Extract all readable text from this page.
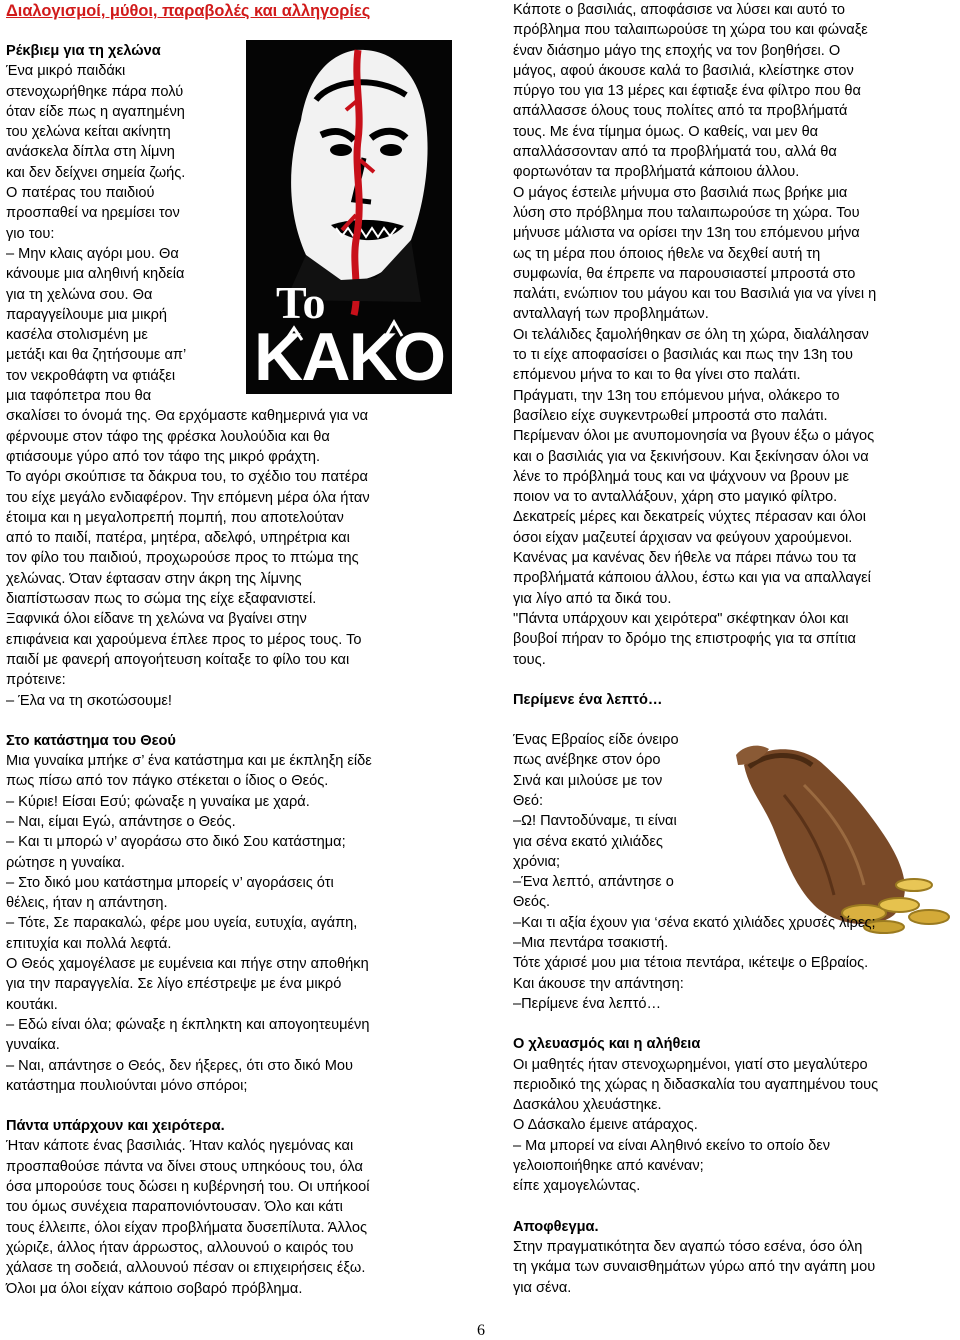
Διαλογισμοί, μύθοι, παραβολές και αλληγορίες
Το
ΚΑΚΟ

Ρέκβιεμ για τη χελώνα

Ένα μικρό παιδάκι

στενοχωρήθηκε πάρα πολύ

όταν είδε πως η αγαπημένη

του χελώνα κείται ακίνητη

ανάσκελα δίπλα στη λίμνη

και δεν δείχνει σημεία ζωής.

Ο πατέρας του παιδιού

προσπαθεί να ηρεμίσει τον

γιο του:

– Μην κλαις αγόρι μου. Θα

κάνουμε μια αληθινή κηδεία

για τη χελώνα σου. Θα

παραγγείλουμε μια μικρή

κασέλα στολισμένη με

μετάξι και θα ζητήσουμε απ’

τον νεκροθάφτη να φτιάξει

μια ταφόπετρα που θα

σκαλίσει το όνομά της. Θα ερχόμαστε καθημερινά για να

φέρνουμε στον τάφο της φρέσκα λουλούδια και θα

φτιάσουμε γύρο από τον τάφο της μικρό φράχτη.

Το αγόρι σκούπισε τα δάκρυα του, το σχέδιο του πατέρα

του είχε μεγάλο ενδιαφέρον. Την επόμενη μέρα όλα ήταν

έτοιμα και η μεγαλοπρεπή πομπή, που αποτελούταν

από το παιδί, πατέρα, μητέρα, αδελφό, υπηρέτρια και

τον φίλο του παιδιού, προχωρούσε προς το πτώμα της

χελώνας. Όταν έφτασαν στην άκρη της λίμνης

διαπίστωσαν πως το σώμα της είχε εξαφανιστεί.

Ξαφνικά όλοι είδανε τη χελώνα να βγαίνει στην

επιφάνεια και χαρούμενα έπλεε προς το μέρος τους. Το

παιδί με φανερή απογοήτευση κοίταξε το φίλο του και

πρότεινε:

– Έλα να τη σκοτώσουμε!

Στο κατάστημα του Θεού

Μια γυναίκα μπήκε σ’ ένα κατάστημα και με έκπληξη είδε

πως πίσω από τον πάγκο στέκεται ο ίδιος ο Θεός.

– Κύριε! Είσαι Εσύ; φώναξε η γυναίκα με χαρά.

– Ναι, είμαι Εγώ, απάντησε ο Θεός.

– Και τι μπορώ ν’ αγοράσω στο δικό Σου κατάστημα;

ρώτησε η γυναίκα.

– Στο δικό μου κατάστημα μπορείς ν’ αγοράσεις ότι

θέλεις, ήταν η απάντηση.

– Τότε, Σε παρακαλώ, φέρε μου υγεία, ευτυχία, αγάπη,

επιτυχία και πολλά λεφτά.

Ο Θεός χαμογέλασε με ευμένεια και πήγε στην αποθήκη

για την παραγγελία. Σε λίγο επέστρεψε με ένα μικρό

κουτάκι.

– Εδώ είναι όλα; φώναξε η έκπληκτη και απογοητευμένη

γυναίκα.

– Ναι, απάντησε ο Θεός, δεν ήξερες, ότι στο δικό Μου

κατάστημα πουλιούνται μόνο σπόροι;

Πάντα υπάρχουν και χειρότερα.

Ήταν κάποτε ένας βασιλιάς. Ήταν καλός ηγεμόνας και

προσπαθούσε πάντα να δίνει στους υπηκόους του, όλα

όσα μπορούσε τους δώσει η κυβέρνησή του. Οι υπήκοοί

του όμως συνέχεια παραπονιόντουσαν. Όλο και κάτι

τους έλλειπε, όλοι είχαν προβλήματα δυσεπίλυτα. Άλλος

χώριζε, άλλος ήταν άρρωστος, αλλουνού ο καιρός του

χάλασε τη σοδειά, αλλουνού πέσαν οι επιχειρήσεις έξω.

Όλοι μα όλοι είχαν κάποιο σοβαρό πρόβλημα.

Κάποτε ο βασιλιάς, αποφάσισε να λύσει και αυτό το

πρόβλημα που ταλαιπωρούσε τη χώρα του και φώναξε

έναν διάσημο μάγο της εποχής να τον βοηθήσει. Ο

μάγος, αφού άκουσε καλά το βασιλιά, κλείστηκε στον

πύργο του για 13 μέρες και έφτιαξε ένα φίλτρο που θα

απάλλασσε όλους τους πολίτες από τα προβλήματά

τους. Με ένα τίμημα όμως. Ο καθείς, ναι μεν θα

απαλλάσσονταν από τα προβλήματά του, αλλά θα

φορτωνόταν τα προβλήματά κάποιου άλλου.

Ο μάγος έστειλε μήνυμα στο βασιλιά πως βρήκε μια

λύση στο πρόβλημα που ταλαιπωρούσε τη χώρα. Του

μήνυσε μάλιστα να ορίσει την 13η του επόμενου μήνα

ως τη μέρα που όποιος ήθελε να δεχθεί αυτή τη

συμφωνία, θα έπρεπε να παρουσιαστεί μπροστά στο

παλάτι, ενώπιον του μάγου και του Βασιλιά για να γίνει η

ανταλλαγή των προβλημάτων.

Οι τελάλιδες ξαμολήθηκαν σε όλη τη χώρα, διαλάλησαν

το τι είχε αποφασίσει ο βασιλιάς και πως την 13η του

επόμενου μήνα το και το θα γίνει στο παλάτι.

Πράγματι, την 13η του επόμενου μήνα, ολάκερο το

βασίλειο είχε συγκεντρωθεί μπροστά στο παλάτι.

Περίμεναν όλοι με ανυπομονησία να βγουν έξω ο μάγος

και ο βασιλιάς για να ξεκινήσουν. Και ξεκίνησαν όλοι να

λένε το πρόβλημά τους και να ψάχνουν να βρουν με

ποιον να το ανταλλάξουν, χάρη στο μαγικό φίλτρο.

Δεκατρείς μέρες και δεκατρείς νύχτες πέρασαν και όλοι

όσοι είχαν μαζευτεί άρχισαν να φεύγουν χαρούμενοι.

Κανένας μα κανένας δεν ήθελε να πάρει πάνω του τα

προβλήματά κάποιου άλλου, έστω και για να απαλλαγεί

για λίγο από τα δικά του.

"Πάντα υπάρχουν και χειρότερα" σκέφτηκαν όλοι και

βουβοί πήραν το δρόμο της επιστροφής για τα σπίτια

τους.

Περίμενε ένα λεπτό…

Ένας Εβραίος είδε όνειρο

πως ανέβηκε στον όρο

Σινά και μιλούσε με τον

Θεό:

–Ω! Παντοδύναμε, τι είναι

για σένα εκατό χιλιάδες

χρόνια;

–Ένα λεπτό, απάντησε ο

Θεός.

–Και τι αξία έχουν για ‘σένα εκατό χιλιάδες χρυσές λίρες;

–Μια πεντάρα τσακιστή.

Τότε χάρισέ μου μια τέτοια πεντάρα, ικέτεψε ο Εβραίος.

Και άκουσε την απάντηση:

–Περίμενε ένα λεπτό…

Ο χλευασμός και η αλήθεια

Οι μαθητές ήταν στενοχωρημένοι, γιατί στο μεγαλύτερο

περιοδικό της χώρας η διδασκαλία του αγαπημένου τους

Δασκάλου χλευάστηκε.

Ο Δάσκαλο έμεινε ατάραχος.

– Μα μπορεί να είναι Αληθινό εκείνο το οποίο δεν

γελοιοποιήθηκε από κανέναν;

είπε χαμογελώντας.

Αποφθεγμα.

Στην πραγματικότητα δεν αγαπώ τόσο εσένα, όσο όλη

τη γκάμα των συναισθημάτων γύρω από την αγάπη μου

για σένα.

6
